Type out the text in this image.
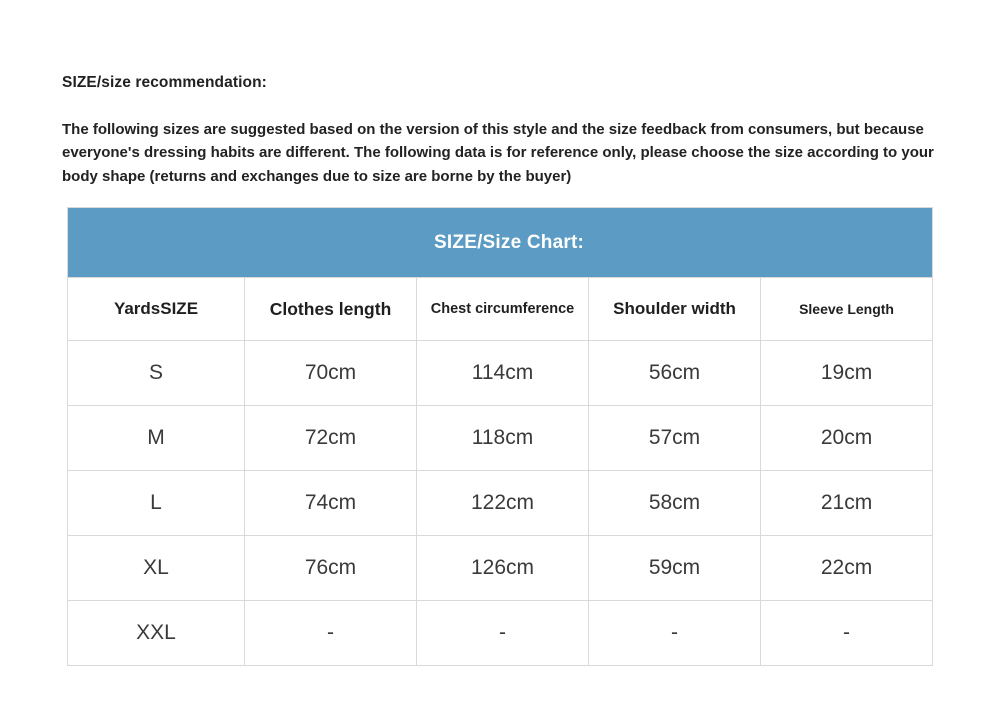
SIZE/size recommendation:
The following sizes are suggested based on the version of this style and the size feedback from consumers, but because everyone's dressing habits are different. The following data is for reference only, please choose the size according to your body shape (returns and exchanges due to size are borne by the buyer)
SIZE/Size Chart:				
YardsSIZE	Clothes length	Chest circumference	Shoulder width	Sleeve Length
S	70cm	114cm	56cm	19cm
M	72cm	118cm	57cm	20cm
L	74cm	122cm	58cm	21cm
XL	76cm	126cm	59cm	22cm
XXL	-	-	-	-
